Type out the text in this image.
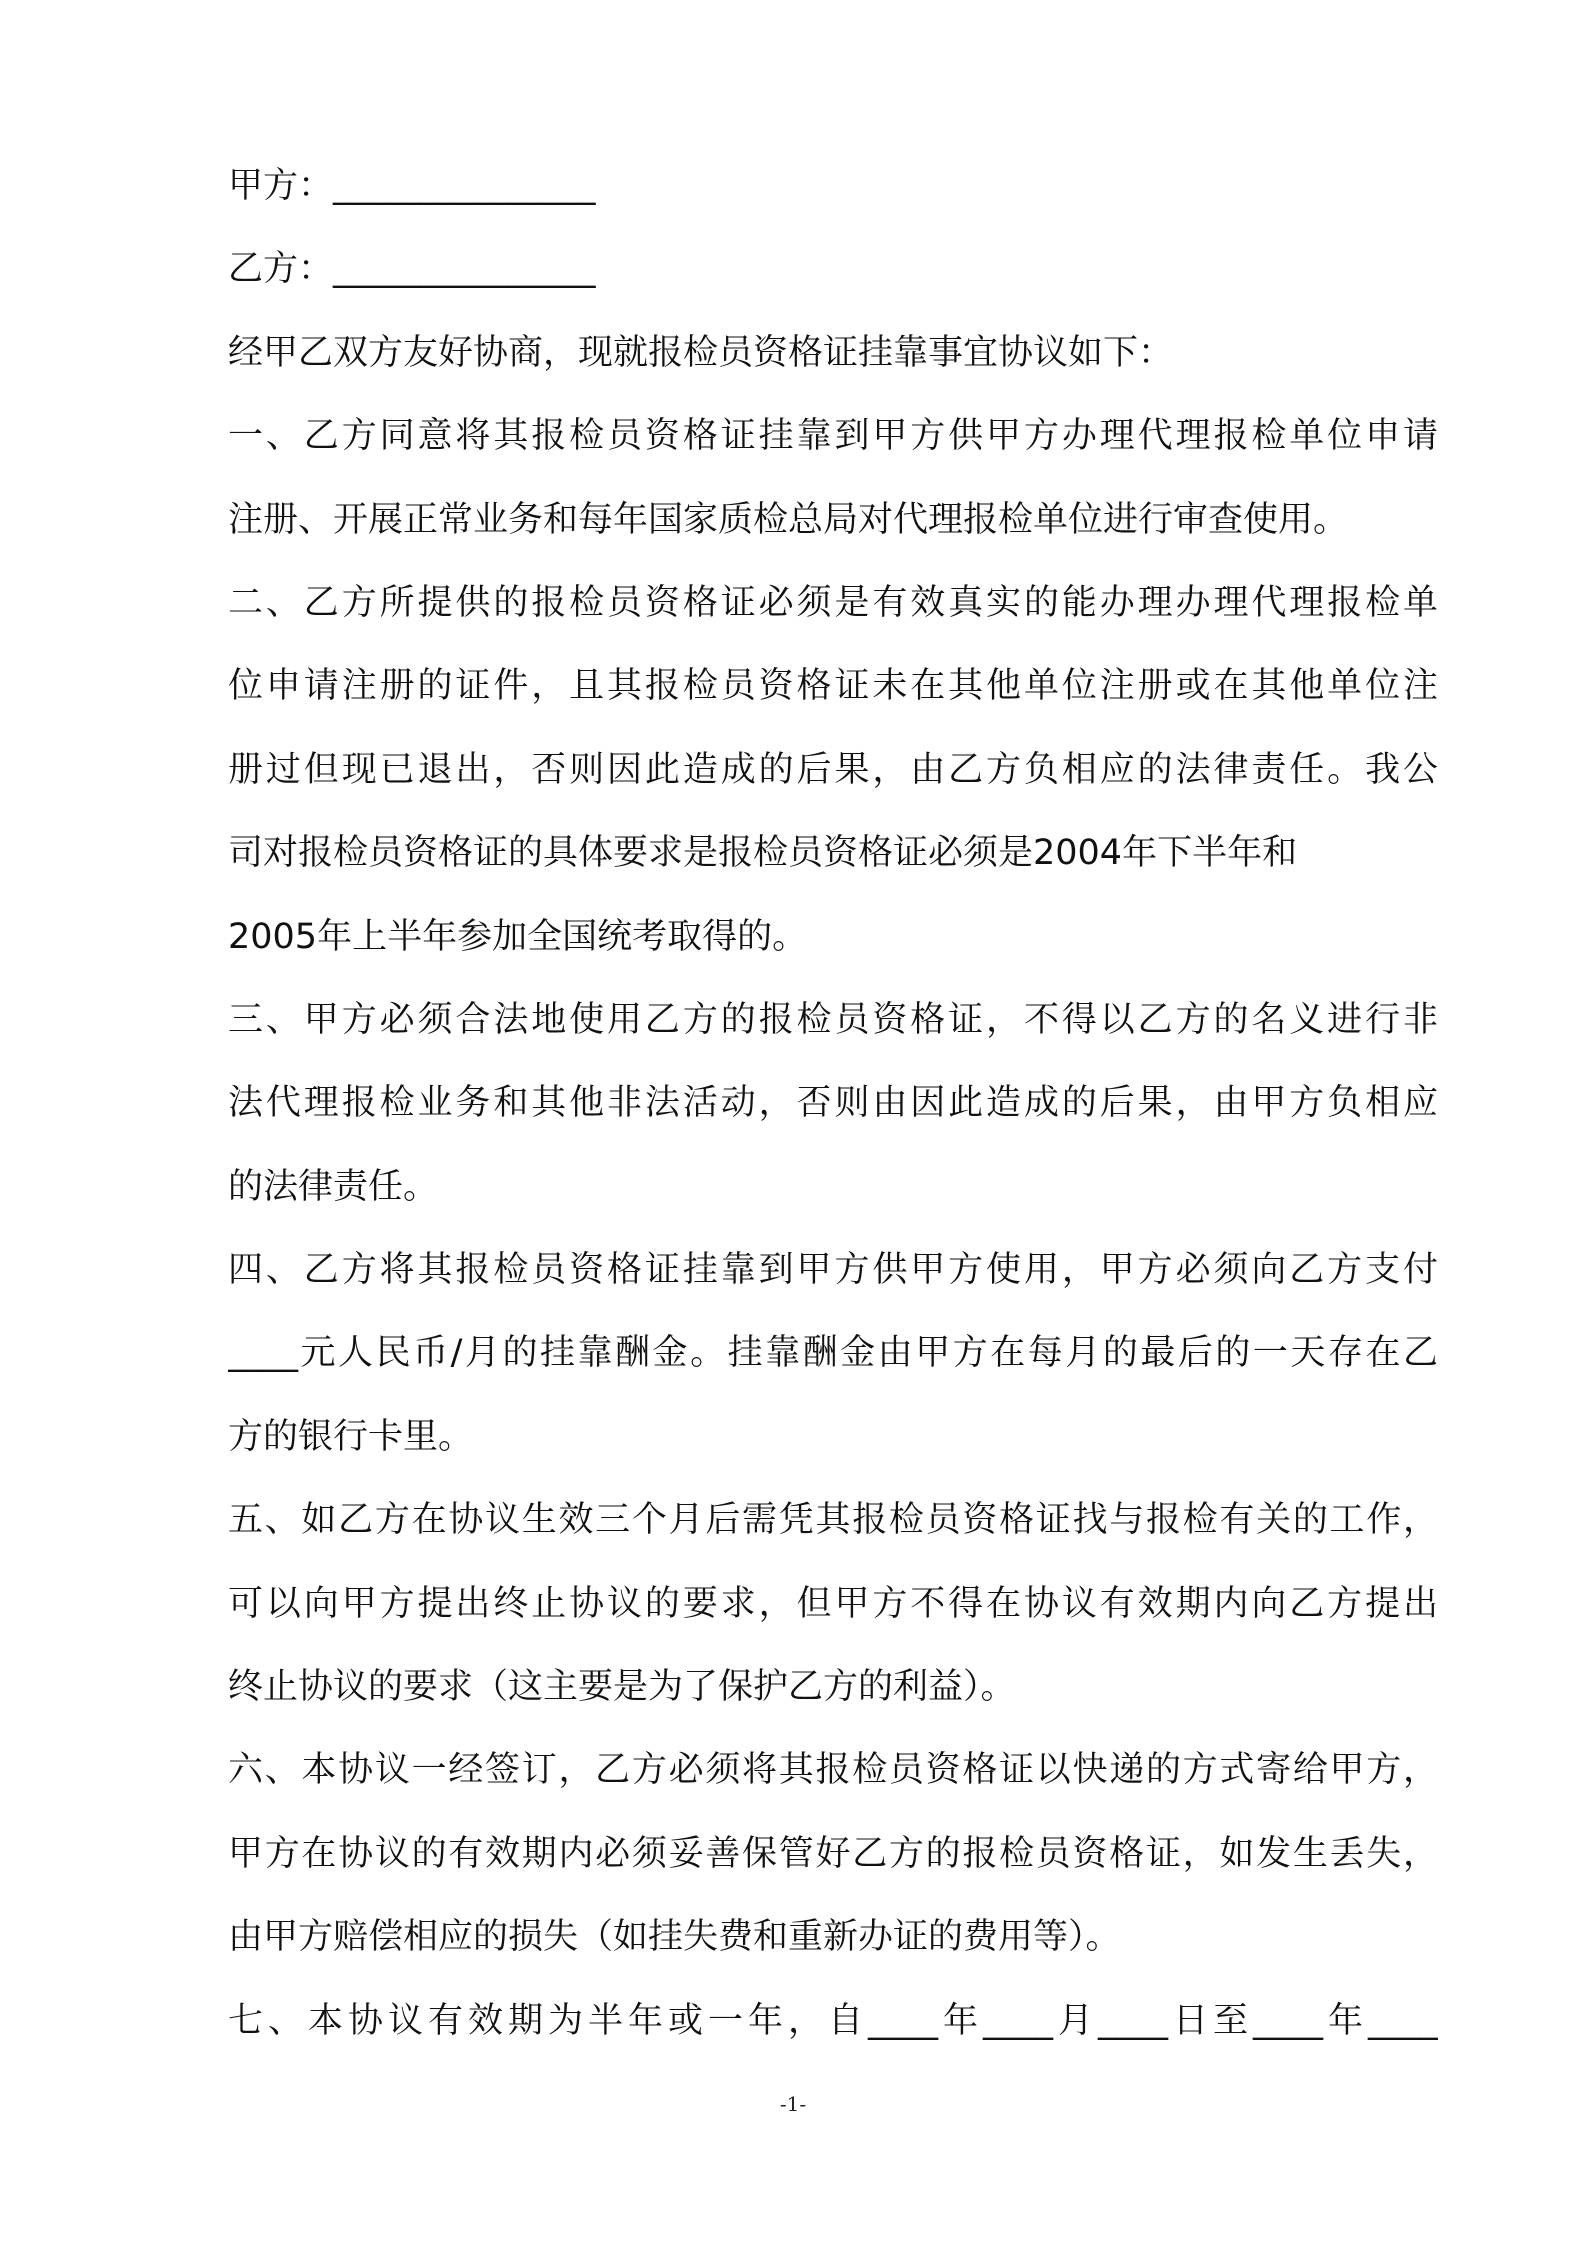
甲方：_______________
乙方：_______________
经甲乙双方友好协商，现就报检员资格证挂靠事宜协议如下：
一、乙方同意将其报检员资格证挂靠到甲方供甲方办理代理报检单位申请
注册、开展正常业务和每年国家质检总局对代理报检单位进行审查使用。
二、乙方所提供的报检员资格证必须是有效真实的能办理办理代理报检单
位申请注册的证件，且其报检员资格证未在其他单位注册或在其他单位注
册过但现已退出，否则因此造成的后果，由乙方负相应的法律责任。我公
司对报检员资格证的具体要求是报检员资格证必须是2004年下半年和
2005年上半年参加全国统考取得的。
三、甲方必须合法地使用乙方的报检员资格证，不得以乙方的名义进行非
法代理报检业务和其他非法活动，否则由因此造成的后果，由甲方负相应
的法律责任。
四、乙方将其报检员资格证挂靠到甲方供甲方使用，甲方必须向乙方支付
____元人民币/月的挂靠酬金。挂靠酬金由甲方在每月的最后的一天存在乙
方的银行卡里。
五、如乙方在协议生效三个月后需凭其报检员资格证找与报检有关的工作，
可以向甲方提出终止协议的要求，但甲方不得在协议有效期内向乙方提出
终止协议的要求（这主要是为了保护乙方的利益）。
六、本协议一经签订，乙方必须将其报检员资格证以快递的方式寄给甲方，
甲方在协议的有效期内必须妥善保管好乙方的报检员资格证，如发生丢失，
由甲方赔偿相应的损失（如挂失费和重新办证的费用等）。
七、本协议有效期为半年或一年，自____年____月____日至____年____
-1-
